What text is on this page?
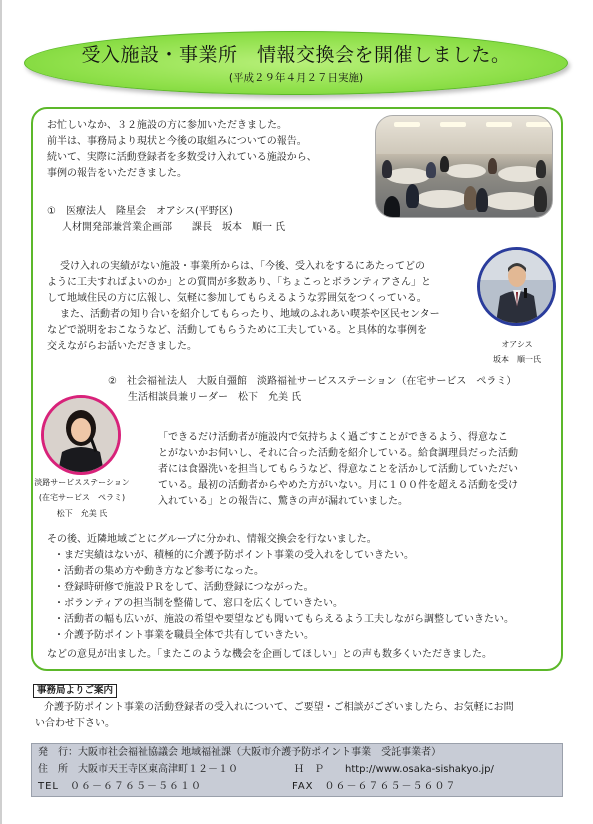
受入施設・事業所　情報交換会を開催しました。
(平成２９年４月２７日実施)
お忙しいなか、３２施設の方に参加いただきました。
前半は、事務局より現状と今後の取組みについての報告。
続いて、実際に活動登録者を多数受け入れている施設から、
事例の報告をいただきました。
①　医療法人　隆星会　オアシス(平野区)
人材開発部兼営業企画部　　課長　坂本　順一 氏
受け入れの実績がない施設・事業所からは、「今後、受入れをするにあたってどの
ように工夫すればよいのか」との質問が多数あり、「ちょこっとボランティアさん」と
して地域住民の方に広報し、気軽に参加してもらえるような雰囲気をつくっている。
また、活動者の知り合いを紹介してもらったり、地域のふれあい喫茶や区民センター
などで説明をおこなうなど、活動してもらうために工夫している。と具体的な事例を
交えながらお話いただきました。	オアシス
坂本　順一氏
②　社会福祉法人　大阪自彊館　淡路福祉サービスステーション（在宅サービス　ぺラミ）
生活相談員兼リーダー　松下　允美 氏
淡路サービスステーション
(在宅サービス　ぺラミ)
松下　允美 氏
「できるだけ活動者が施設内で気持ちよく過ごすことができるよう、得意なこ
とがないかお伺いし、それに合った活動を紹介している。給食調理員だった活動
者には食器洗いを担当してもらうなど、得意なことを活かして活動していただい
ている。最初の活動者からやめた方がいない。月に１００件を超える活動を受け
入れている」との報告に、驚きの声が漏れていました。
その後、近隣地域ごとにグループに分かれ、情報交換会を行ないました。
・まだ実績はないが、積極的に介護予防ポイント事業の受入れをしていきたい。
・活動者の集め方や動き方など参考になった。
・登録時研修で施設ＰＲをして、活動登録につながった。
・ボランティアの担当制を整備して、窓口を広くしていきたい。
・活動者の幅も広いが、施設の希望や要望なども聞いてもらえるよう工夫しながら調整していきたい。
・介護予防ポイント事業を職員全体で共有していきたい。
などの意見が出ました。「またこのような機会を企画してほしい」との声も数多くいただきました。
事務局よりご案内
介護予防ポイント事業の活動登録者の受入れについて、ご要望・ご相談がございましたら、お気軽にお問
い合わせ下さい。
発　行：大阪市社会福祉協議会 地域福祉課（大阪市介護予防ポイント事業　受託事業者）
住　所　大阪市天王寺区東高津町１２－１０	Ｈ　Ｐ http://www.osaka-sishakyo.jp/
TEL　０６－６７６５－５６１０	FAX　０６－６７６５－５６０７
